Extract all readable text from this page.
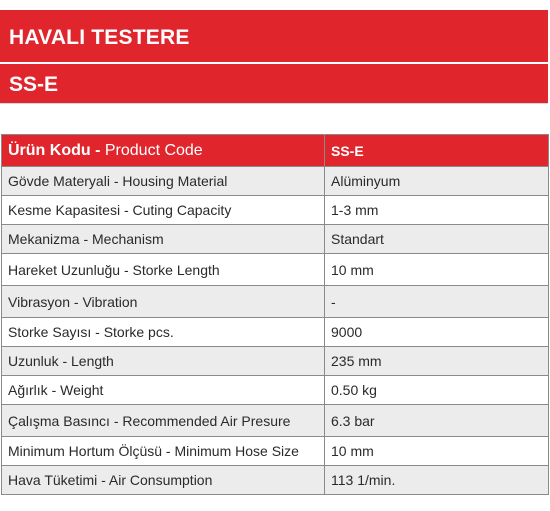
HAVALI TESTERE
SS-E
Ürün Kodu - Product Code	SS-E
Gövde Materyali - Housing Material	Alüminyum
Kesme Kapasitesi - Cuting Capacity	1-3 mm
Mekanizma - Mechanism	Standart
Hareket Uzunluğu - Storke Length	10 mm
Vibrasyon - Vibration	-
Storke Sayısı - Storke pcs.	9000
Uzunluk - Length	235 mm
Ağırlık - Weight	0.50 kg
Çalışma Basıncı - Recommended Air Presure	6.3 bar
Minimum Hortum Ölçüsü - Minimum Hose Size	10 mm
Hava Tüketimi - Air Consumption	113 1/min.
